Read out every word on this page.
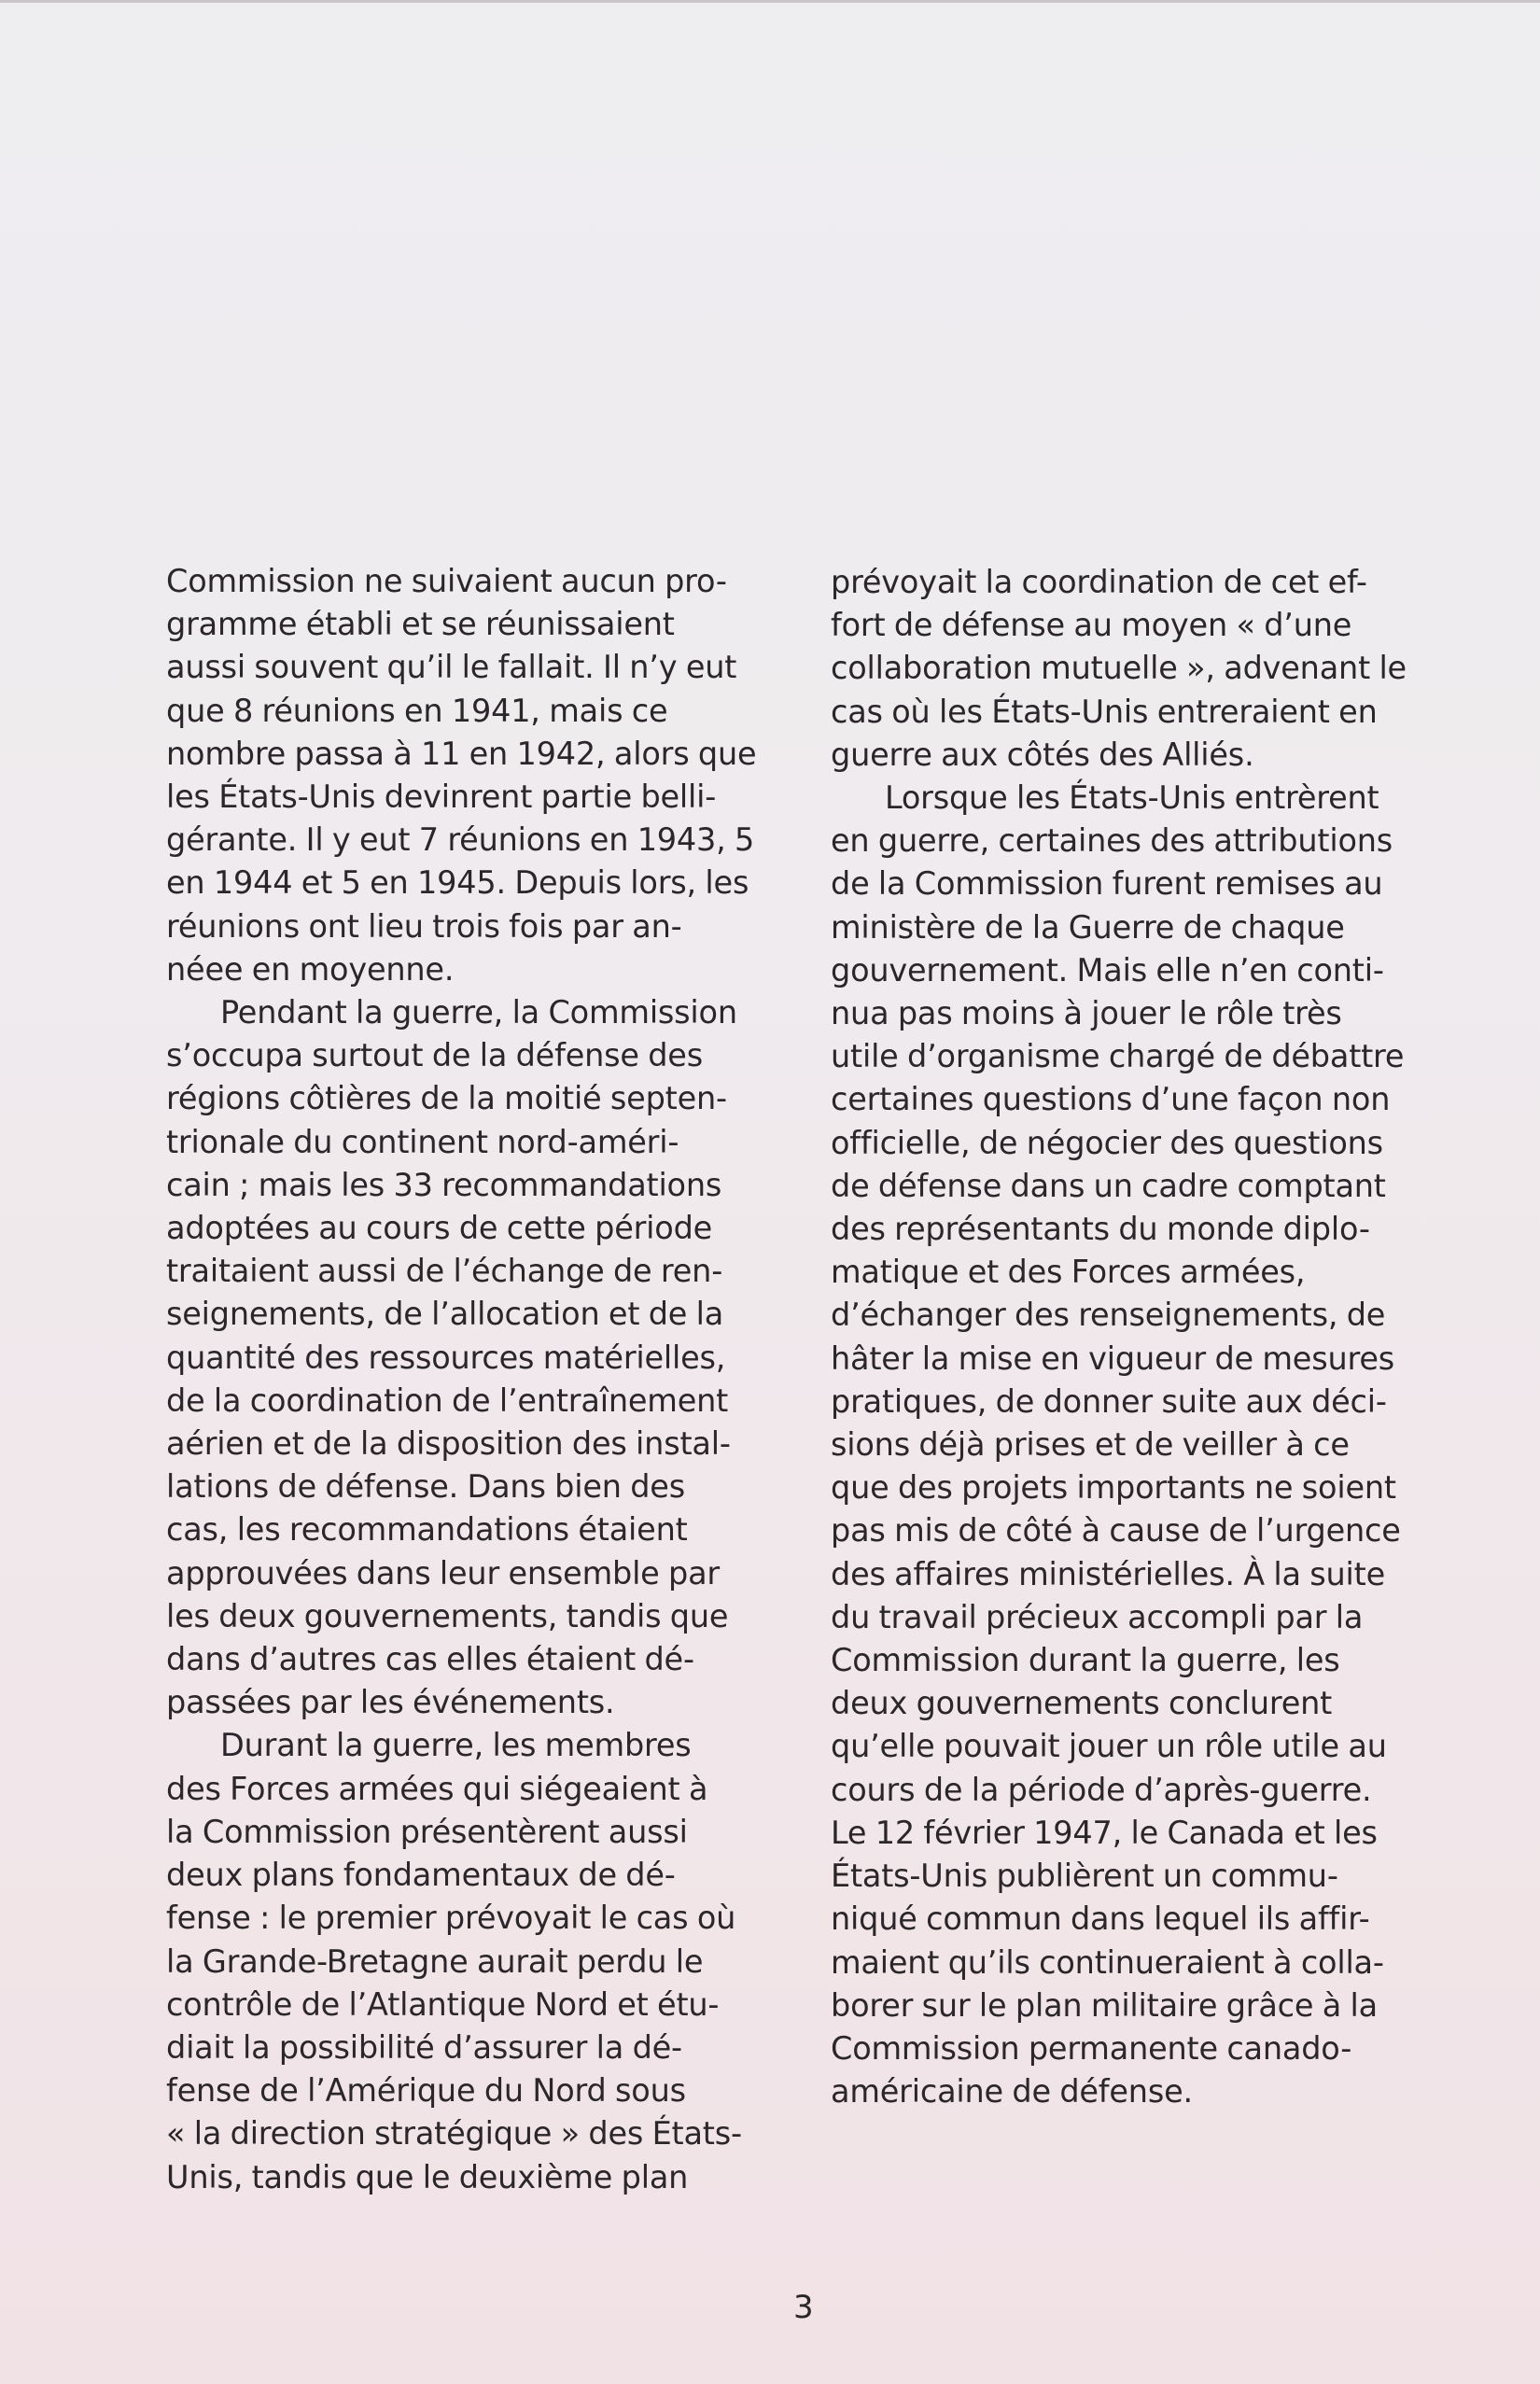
Commission ne suivaient aucun pro-
gramme établi et se réunissaient
aussi souvent qu’il le fallait. Il n’y eut
que 8 réunions en 1941, mais ce
nombre passa à 11 en 1942, alors que
les États-Unis devinrent partie belli-
gérante. Il y eut 7 réunions en 1943, 5
en 1944 et 5 en 1945. Depuis lors, les
réunions ont lieu trois fois par an-
néee en moyenne.
Pendant la guerre, la Commission
s’occupa surtout de la défense des
régions côtières de la moitié septen-
trionale du continent nord-améri-
cain ; mais les 33 recommandations
adoptées au cours de cette période
traitaient aussi de l’échange de ren-
seignements, de l’allocation et de la
quantité des ressources matérielles,
de la coordination de l’entraînement
aérien et de la disposition des instal-
lations de défense. Dans bien des
cas, les recommandations étaient
approuvées dans leur ensemble par
les deux gouvernements, tandis que
dans d’autres cas elles étaient dé-
passées par les événements.
Durant la guerre, les membres
des Forces armées qui siégeaient à
la Commission présentèrent aussi
deux plans fondamentaux de dé-
fense : le premier prévoyait le cas où
la Grande-Bretagne aurait perdu le
contrôle de l’Atlantique Nord et étu-
diait la possibilité d’assurer la dé-
fense de l’Amérique du Nord sous
« la direction stratégique » des États-
Unis, tandis que le deuxième plan
prévoyait la coordination de cet ef-
fort de défense au moyen « d’une
collaboration mutuelle », advenant le
cas où les États-Unis entreraient en
guerre aux côtés des Alliés.
Lorsque les États-Unis entrèrent
en guerre, certaines des attributions
de la Commission furent remises au
ministère de la Guerre de chaque
gouvernement. Mais elle n’en conti-
nua pas moins à jouer le rôle très
utile d’organisme chargé de débattre
certaines questions d’une façon non
officielle, de négocier des questions
de défense dans un cadre comptant
des représentants du monde diplo-
matique et des Forces armées,
d’échanger des renseignements, de
hâter la mise en vigueur de mesures
pratiques, de donner suite aux déci-
sions déjà prises et de veiller à ce
que des projets importants ne soient
pas mis de côté à cause de l’urgence
des affaires ministérielles. À la suite
du travail précieux accompli par la
Commission durant la guerre, les
deux gouvernements conclurent
qu’elle pouvait jouer un rôle utile au
cours de la période d’après-guerre.
Le 12 février 1947, le Canada et les
États-Unis publièrent un commu-
niqué commun dans lequel ils affir-
maient qu’ils continueraient à colla-
borer sur le plan militaire grâce à la
Commission permanente canado-
américaine de défense.
3
